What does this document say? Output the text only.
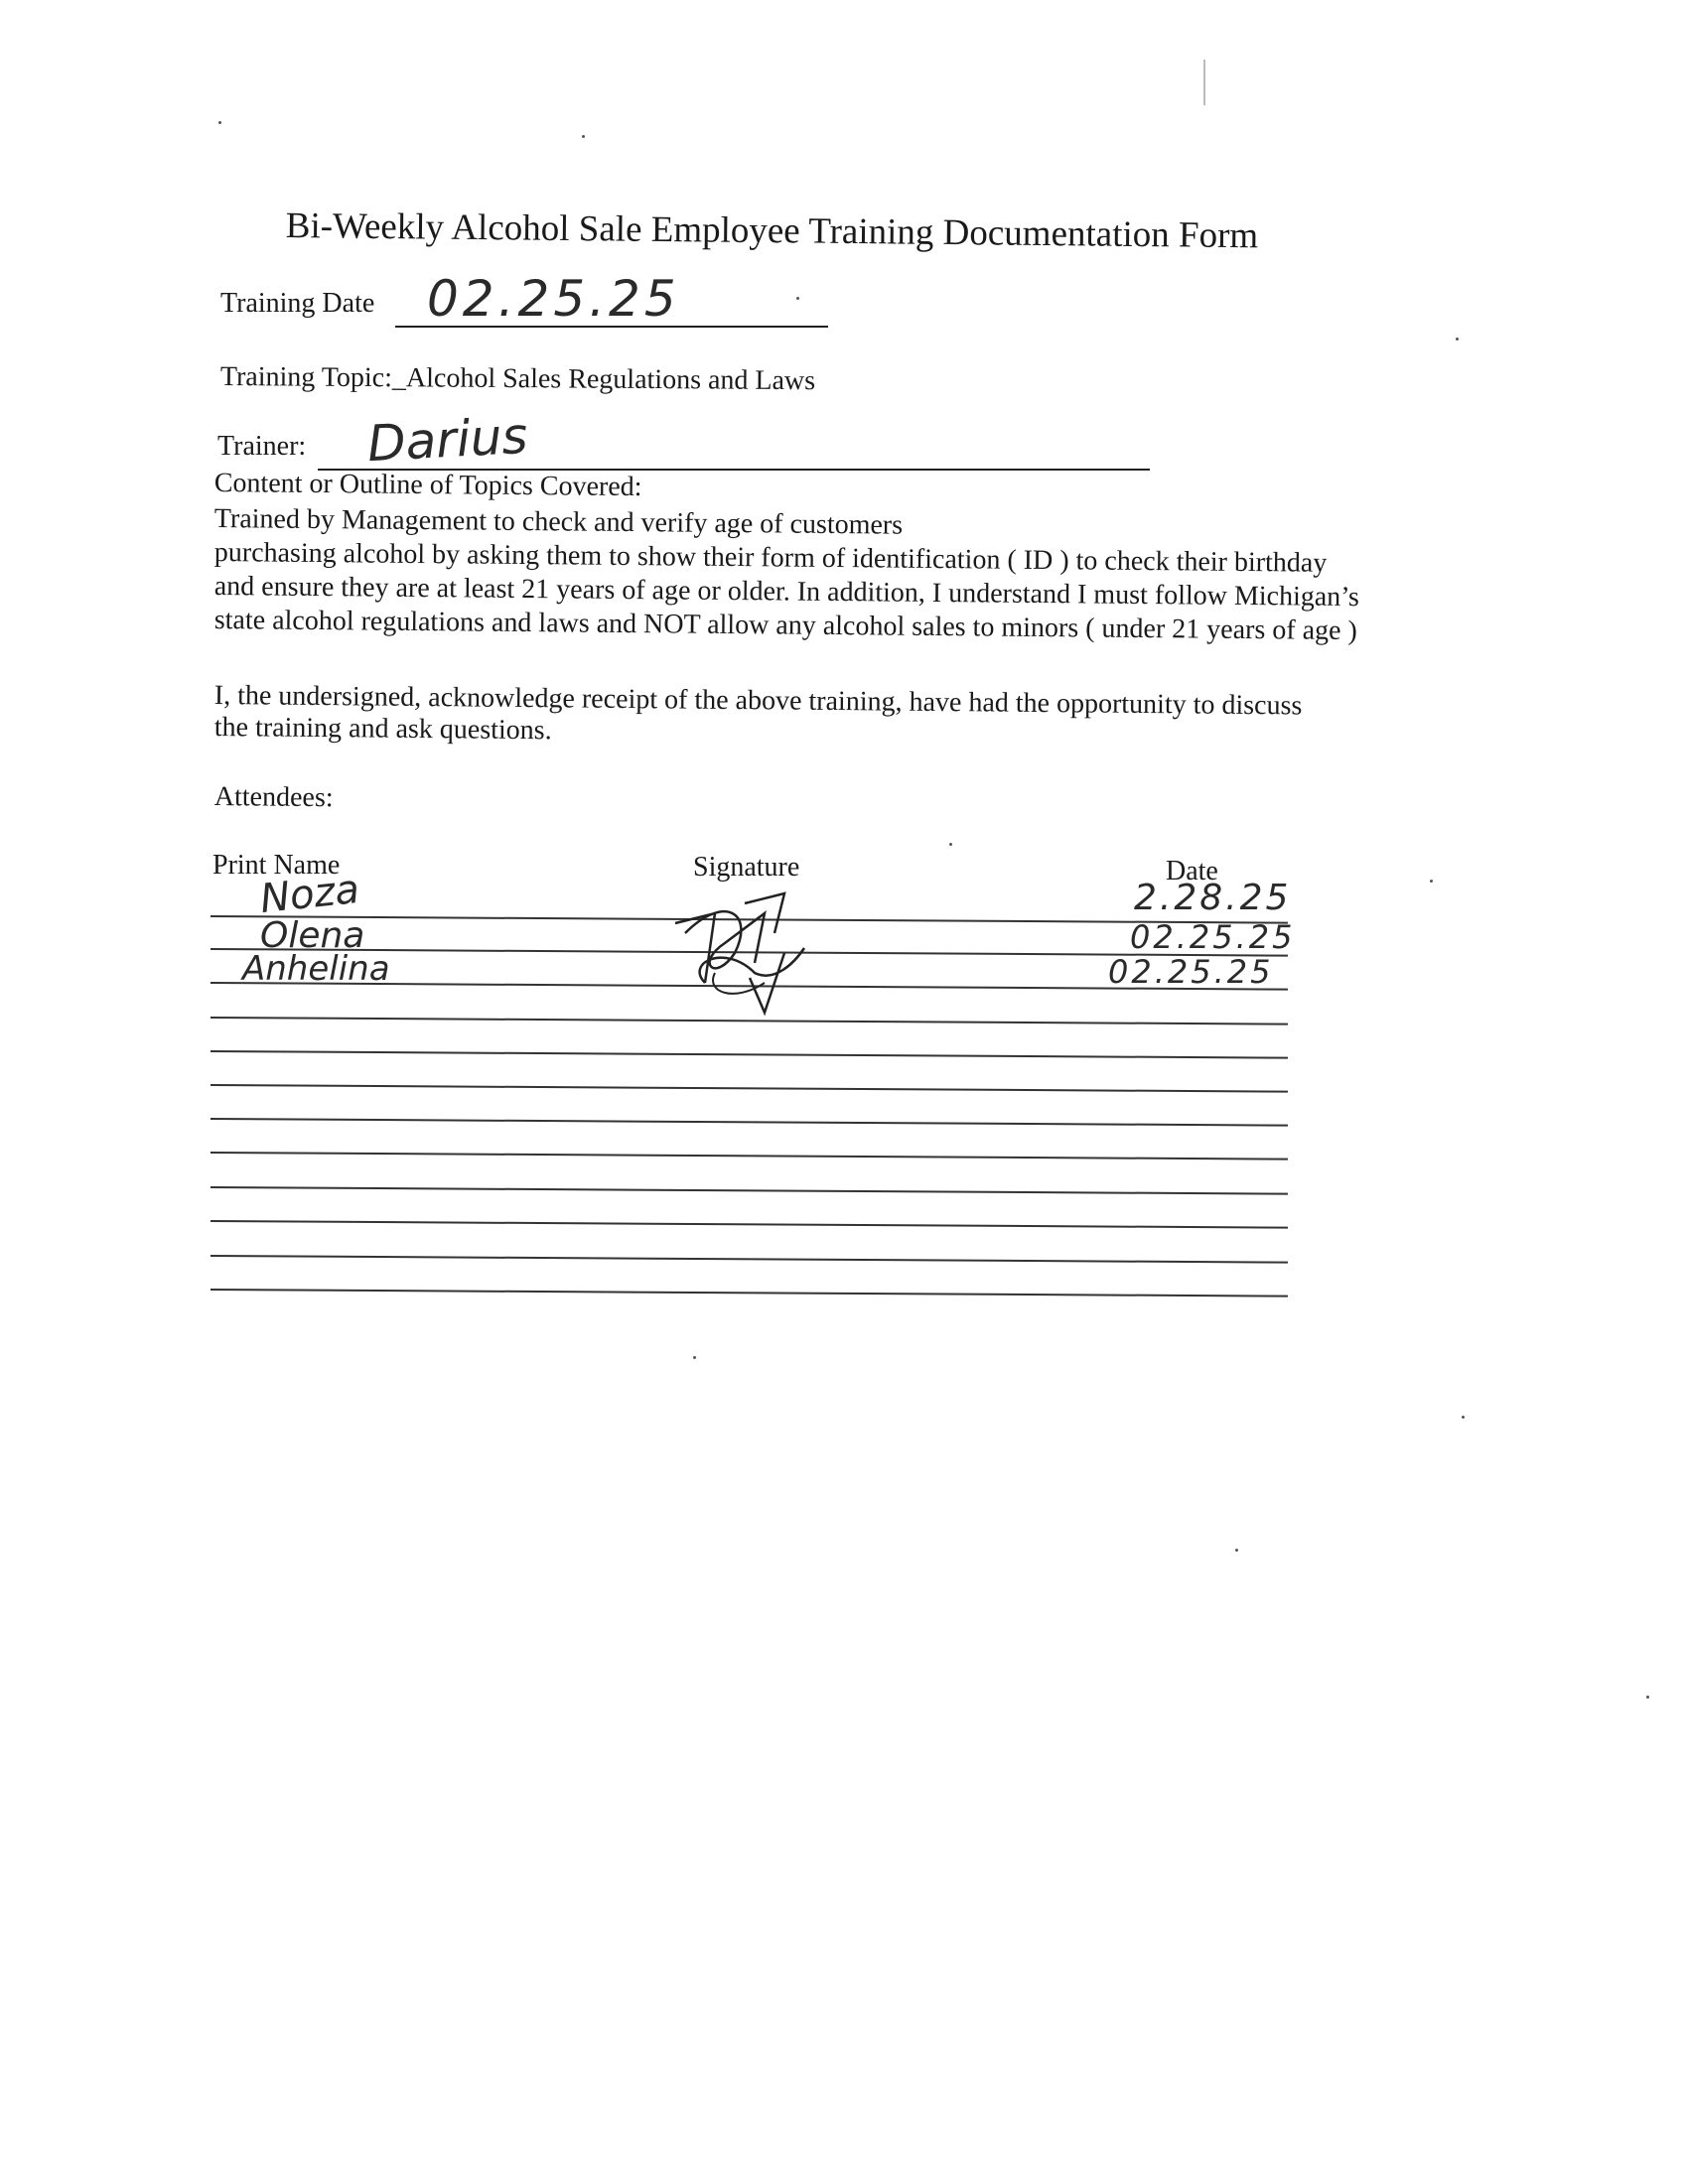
Bi-Weekly Alcohol Sale Employee Training Documentation Form
Training Date 02.25.25
Training Topic:_Alcohol Sales Regulations and Laws
Trainer: Darius
Content or Outline of Topics Covered:
Trained by Management to check and verify age of customers
purchasing alcohol by asking them to show their form of identification ( ID ) to check their birthday
and ensure they are at least 21 years of age or older. In addition, I understand I must follow Michigan’s
state alcohol regulations and laws and NOT allow any alcohol sales to minors ( under 21 years of age )
I, the undersigned, acknowledge receipt of the above training, have had the opportunity to discuss
the training and ask questions.
Attendees:
Print Name	Signature	Date
Noza
Olena
Anhelina
2.28.25
02.25.25
02.25.25
